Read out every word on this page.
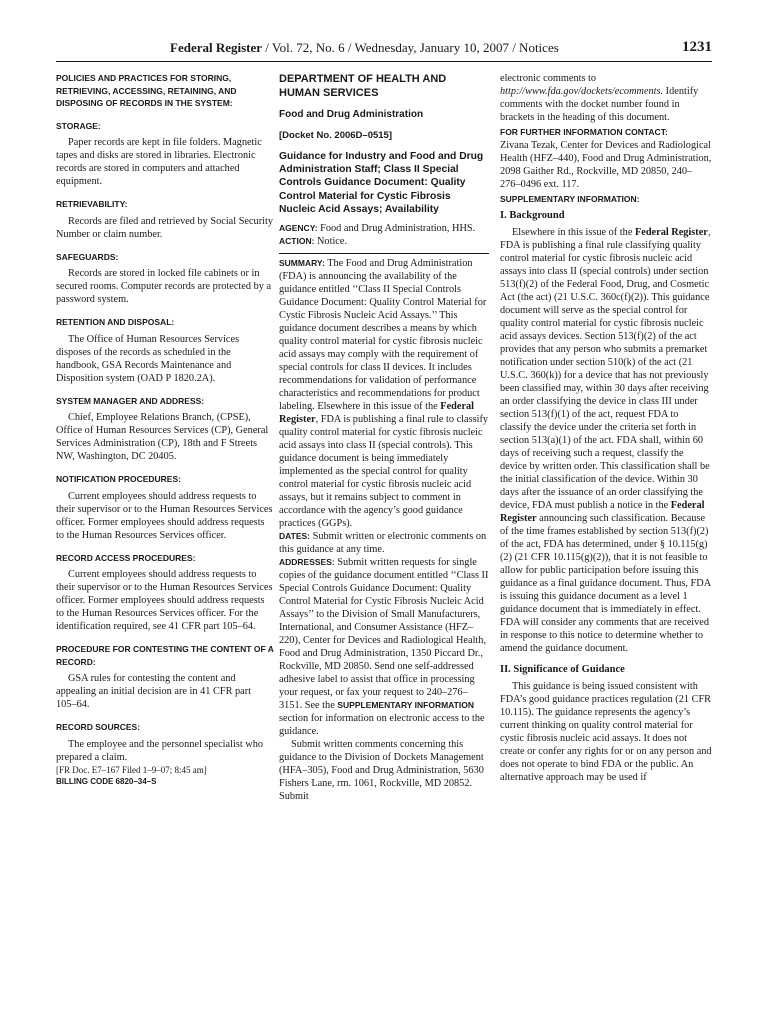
Federal Register / Vol. 72, No. 6 / Wednesday, January 10, 2007 / Notices	1231

POLICIES AND PRACTICES FOR STORING, RETRIEVING, ACCESSING, RETAINING, AND DISPOSING OF RECORDS IN THE SYSTEM:

STORAGE:

Paper records are kept in file folders. Magnetic tapes and disks are stored in libraries. Electronic records are stored in computers and attached equipment.

RETRIEVABILITY:

Records are filed and retrieved by Social Security Number or claim number.

SAFEGUARDS:

Records are stored in locked file cabinets or in secured rooms. Computer records are protected by a password system.

RETENTION AND DISPOSAL:

The Office of Human Resources Services disposes of the records as scheduled in the handbook, GSA Records Maintenance and Disposition system (OAD P 1820.2A).

SYSTEM MANAGER AND ADDRESS:

Chief, Employee Relations Branch, (CPSE), Office of Human Resources Services (CP), General Services Administration (CP), 18th and F Streets NW, Washington, DC 20405.

NOTIFICATION PROCEDURES:

Current employees should address requests to their supervisor or to the Human Resources Services officer. Former employees should address requests to the Human Resources Services officer.

RECORD ACCESS PROCEDURES:

Current employees should address requests to their supervisor or to the Human Resources Services officer. Former employees should address requests to the Human Resources Services officer. For the identification required, see 41 CFR part 105–64.

PROCEDURE FOR CONTESTING THE CONTENT OF A RECORD:

GSA rules for contesting the content and appealing an initial decision are in 41 CFR part 105–64.

RECORD SOURCES:

The employee and the personnel specialist who prepared a claim.

[FR Doc. E7–167 Filed 1–9–07; 8:45 am]

BILLING CODE 6820–34–S

DEPARTMENT OF HEALTH AND HUMAN SERVICES

Food and Drug Administration

[Docket No. 2006D–0515]

Guidance for Industry and Food and Drug Administration Staff; Class II Special Controls Guidance Document: Quality Control Material for Cystic Fibrosis Nucleic Acid Assays; Availability

AGENCY: Food and Drug Administration, HHS.

ACTION: Notice.

SUMMARY: The Food and Drug Administration (FDA) is announcing the availability of the guidance entitled ‘‘Class II Special Controls Guidance Document: Quality Control Material for Cystic Fibrosis Nucleic Acid Assays.’’ This guidance document describes a means by which quality control material for cystic fibrosis nucleic acid assays may comply with the requirement of special controls for class II devices. It includes recommendations for validation of performance characteristics and recommendations for product labeling. Elsewhere in this issue of the Federal Register, FDA is publishing a final rule to classify quality control material for cystic fibrosis nucleic acid assays into class II (special controls). This guidance document is being immediately implemented as the special control for quality control material for cystic fibrosis nucleic acid assays, but it remains subject to comment in accordance with the agency’s good guidance practices (GGPs).

DATES: Submit written or electronic comments on this guidance at any time.

ADDRESSES: Submit written requests for single copies of the guidance document entitled ‘‘Class II Special Controls Guidance Document: Quality Control Material for Cystic Fibrosis Nucleic Acid Assays’’ to the Division of Small Manufacturers, International, and Consumer Assistance (HFZ–220), Center for Devices and Radiological Health, Food and Drug Administration, 1350 Piccard Dr., Rockville, MD 20850. Send one self-addressed adhesive label to assist that office in processing your request, or fax your request to 240–276–3151. See the SUPPLEMENTARY INFORMATION section for information on electronic access to the guidance.

Submit written comments concerning this guidance to the Division of Dockets Management (HFA–305), Food and Drug Administration, 5630 Fishers Lane, rm. 1061, Rockville, MD 20852. Submit

electronic comments to http://www.fda.gov/dockets/ecomments. Identify comments with the docket number found in brackets in the heading of this document.

FOR FURTHER INFORMATION CONTACT:

Zivana Tezak, Center for Devices and Radiological Health (HFZ–440), Food and Drug Administration, 2098 Gaither Rd., Rockville, MD 20850, 240–276–0496 ext. 117.

SUPPLEMENTARY INFORMATION:

I. Background

Elsewhere in this issue of the Federal Register, FDA is publishing a final rule classifying quality control material for cystic fibrosis nucleic acid assays into class II (special controls) under section 513(f)(2) of the Federal Food, Drug, and Cosmetic Act (the act) (21 U.S.C. 360c(f)(2)). This guidance document will serve as the special control for quality control material for cystic fibrosis nucleic acid assays devices. Section 513(f)(2) of the act provides that any person who submits a premarket notification under section 510(k) of the act (21 U.S.C. 360(k)) for a device that has not previously been classified may, within 30 days after receiving an order classifying the device in class III under section 513(f)(1) of the act, request FDA to classify the device under the criteria set forth in section 513(a)(1) of the act. FDA shall, within 60 days of receiving such a request, classify the device by written order. This classification shall be the initial classification of the device. Within 30 days after the issuance of an order classifying the device, FDA must publish a notice in the Federal Register announcing such classification. Because of the time frames established by section 513(f)(2) of the act, FDA has determined, under § 10.115(g)(2) (21 CFR 10.115(g)(2)), that it is not feasible to allow for public participation before issuing this guidance as a final guidance document. Thus, FDA is issuing this guidance document as a level 1 guidance document that is immediately in effect. FDA will consider any comments that are received in response to this notice to determine whether to amend the guidance document.

II. Significance of Guidance

This guidance is being issued consistent with FDA’s good guidance practices regulation (21 CFR 10.115). The guidance represents the agency’s current thinking on quality control material for cystic fibrosis nucleic acid assays. It does not create or confer any rights for or on any person and does not operate to bind FDA or the public. An alternative approach may be used if
